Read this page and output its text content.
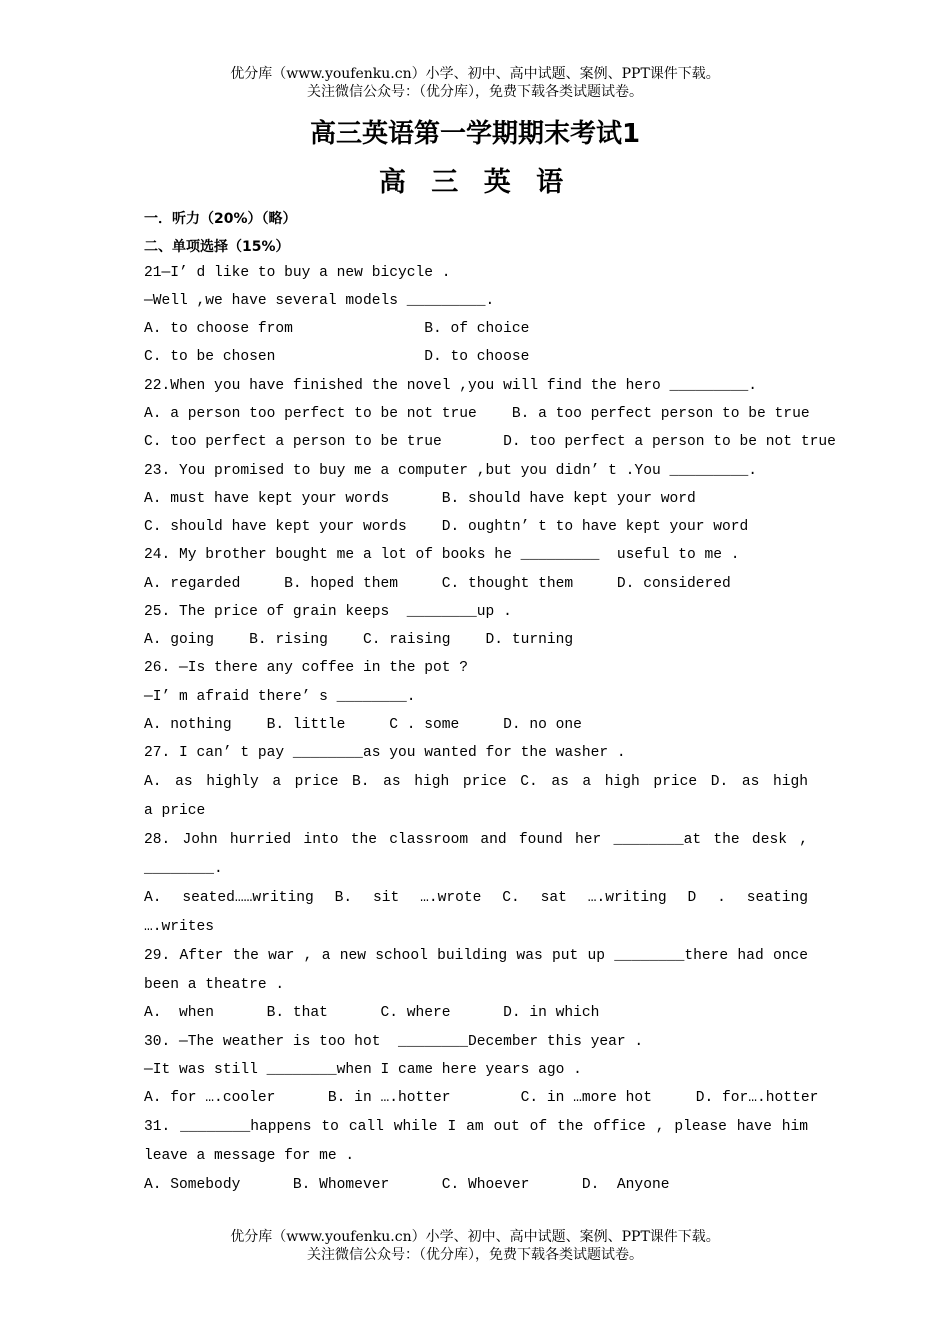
优分库（www.youfenku.cn）小学、初中、高中试题、案例、PPT课件下载。
关注微信公众号：（优分库），免费下载各类试题试卷。
高三英语第一学期期末考试1
高 三 英 语
一．听力（20%）（略）
二、单项选择（15%）
21—I’ d like to buy a new bicycle .
—Well ,we have several models _________.
A. to choose from               B. of choice
C. to be chosen                 D. to choose
22.When you have finished the novel ,you will find the hero _________.
A. a person too perfect to be not true    B. a too perfect person to be true
C. too perfect a person to be true       D. too perfect a person to be not true
23. You promised to buy me a computer ,but you didn’ t .You _________.
A. must have kept your words      B. should have kept your word
C. should have kept your words    D. oughtn’ t to have kept your word
24. My brother bought me a lot of books he _________  useful to me .
A. regarded     B. hoped them     C. thought them     D. considered
25. The price of grain keeps  ________up .
A. going    B. rising    C. raising    D. turning
26. —Is there any coffee in the pot ?
—I’ m afraid there’ s ________.
A. nothing    B. little     C . some     D. no one
27. I can’ t pay ________as you wanted for the washer .
A. as highly a price B. as high price C. as a high price D. as high
a price
28. John hurried into the classroom and found her ________at the desk ,
________.
A. seated……writing B. sit ….wrote C. sat ….writing D . seating
….writes
29. After the war , a new school building was put up ________there had once
been a theatre .
A.  when      B. that      C. where      D. in which
30. —The weather is too hot  ________December this year .
—It was still ________when I came here years ago .
A. for ….cooler      B. in ….hotter        C. in …more hot     D. for….hotter
31. ________happens to call while I am out of the office , please have him
leave a message for me .
A. Somebody      B. Whomever      C. Whoever      D.  Anyone
优分库（www.youfenku.cn）小学、初中、高中试题、案例、PPT课件下载。
关注微信公众号：（优分库），免费下载各类试题试卷。
